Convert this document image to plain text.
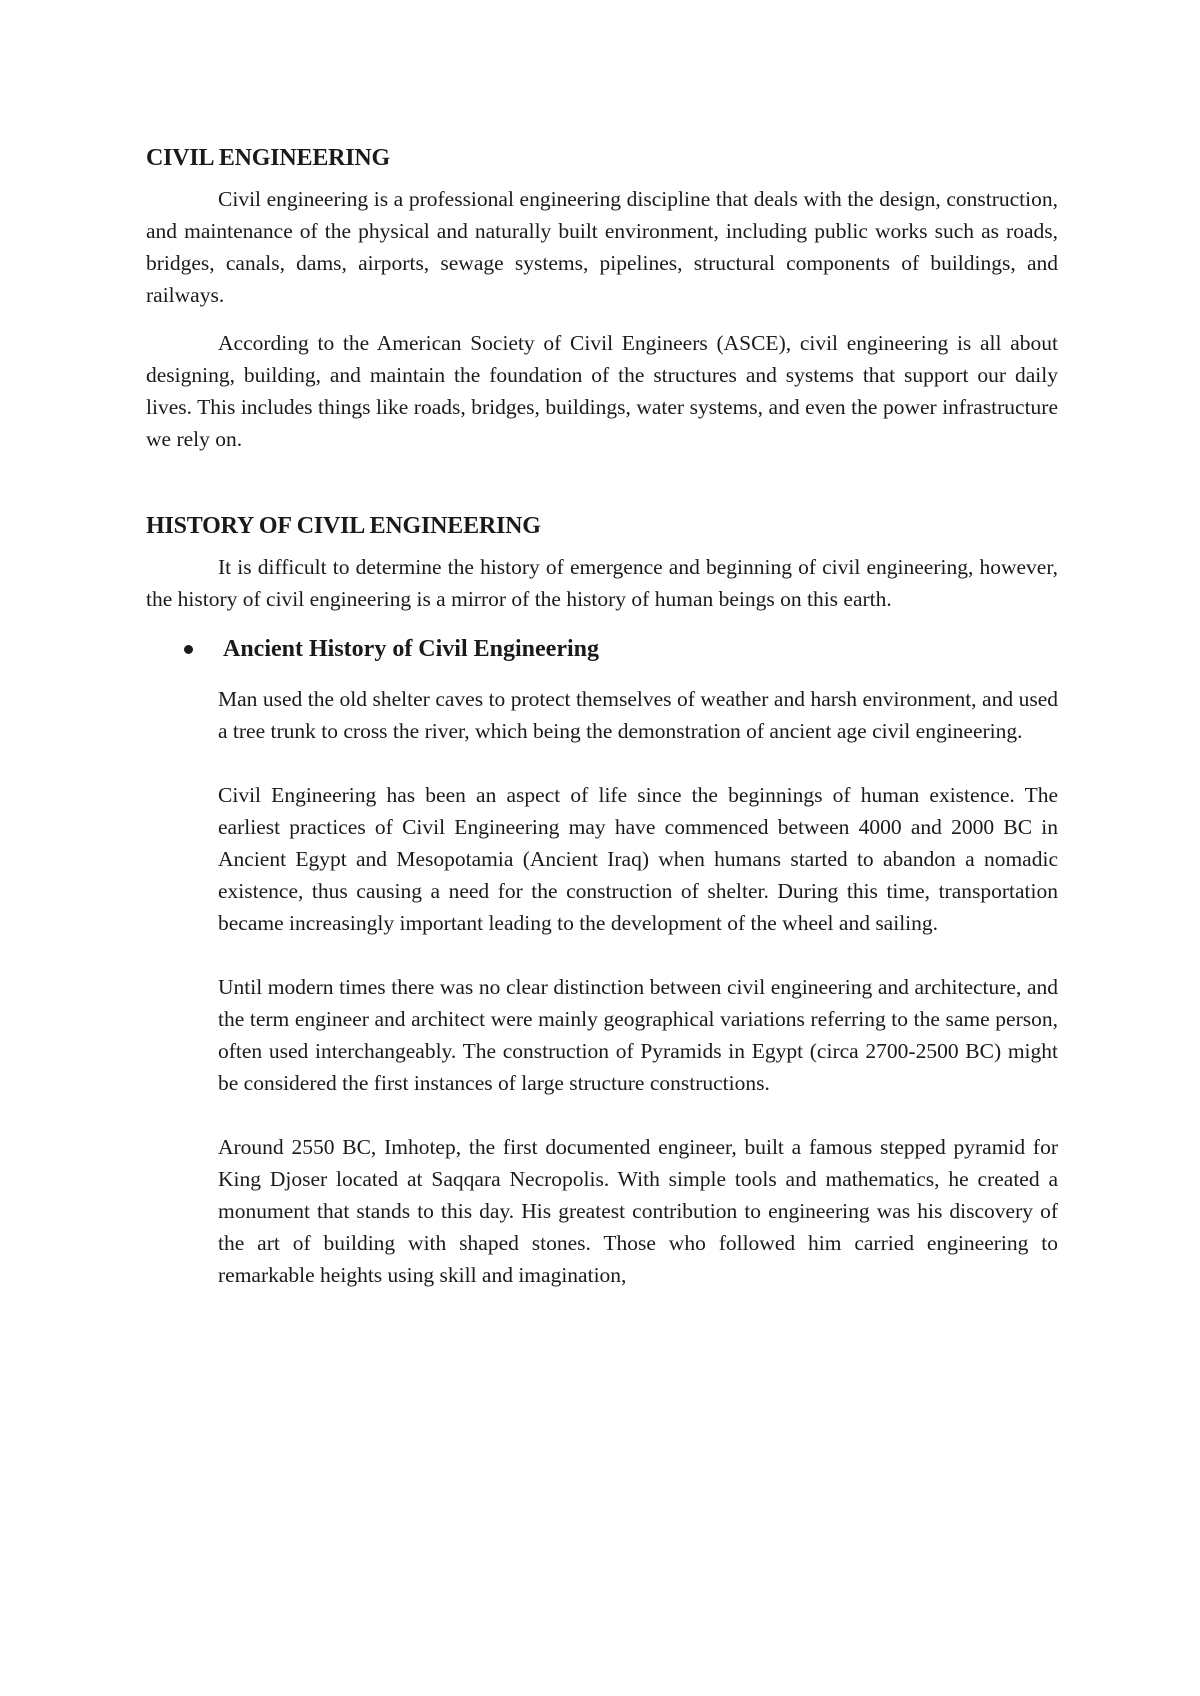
CIVIL ENGINEERING

Civil engineering is a professional engineering discipline that deals with the design, construction, and maintenance of the physical and naturally built environment, including public works such as roads, bridges, canals, dams, airports, sewage systems, pipelines, structural components of buildings, and railways.

According to the American Society of Civil Engineers (ASCE), civil engineering is all about designing, building, and maintain the foundation of the structures and systems that support our daily lives. This includes things like roads, bridges, buildings, water systems, and even the power infrastructure we rely on.

HISTORY OF CIVIL ENGINEERING

It is difficult to determine the history of emergence and beginning of civil engineering, however, the history of civil engineering is a mirror of the history of human beings on this earth.

Ancient History of Civil Engineering

Man used the old shelter caves to protect themselves of weather and harsh environment, and used a tree trunk to cross the river, which being the demonstration of ancient age civil engineering.

Civil Engineering has been an aspect of life since the beginnings of human existence. The earliest practices of Civil Engineering may have commenced between 4000 and 2000 BC in Ancient Egypt and Mesopotamia (Ancient Iraq) when humans started to abandon a nomadic existence, thus causing a need for the construction of shelter. During this time, transportation became increasingly important leading to the development of the wheel and sailing.

Until modern times there was no clear distinction between civil engineering and architecture, and the term engineer and architect were mainly geographical variations referring to the same person, often used interchangeably. The construction of Pyramids in Egypt (circa 2700-2500 BC) might be considered the first instances of large structure constructions.

Around 2550 BC, Imhotep, the first documented engineer, built a famous stepped pyramid for King Djoser located at Saqqara Necropolis. With simple tools and mathematics, he created a monument that stands to this day. His greatest contribution to engineering was his discovery of the art of building with shaped stones. Those who followed him carried engineering to remarkable heights using skill and imagination,
